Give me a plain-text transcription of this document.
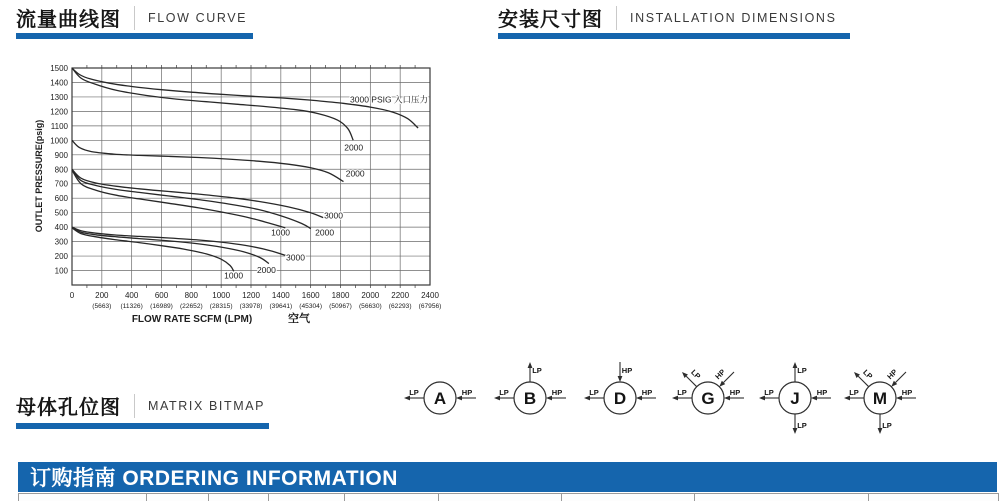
流量曲线图 FLOW CURVE	安装尺寸图 INSTALLATION DIMENSIONS
100
200
300
400
500
600
700
800
900
1000
1100
1200
1300
1400
1500
0	200
(5663)
400
(11326)
600
(16989)
800
(22652)
1000
(28315)
1200
(33978)
1400
(39641)
1600
(45304)
1800
(50967)
2000
(56630)
2200
(62293)
2400
(67956)
OUTLET PRESSURE(psig)
FLOW RATE SCFM (LPM)	空气
3000 PSIG 入口压力
2000
2000
3000
2000
1000
3000
2000
1000
母体孔位图 MATRIX BITMAP
LP	HP
A	LP	HP
LP
B	LP	HP
HP
D	LP	HP
LP HP
G	LP	HP
LP
LP
J	LP	HP
LP HP
LP
M
订购指南 ORDERING INFORMATION
